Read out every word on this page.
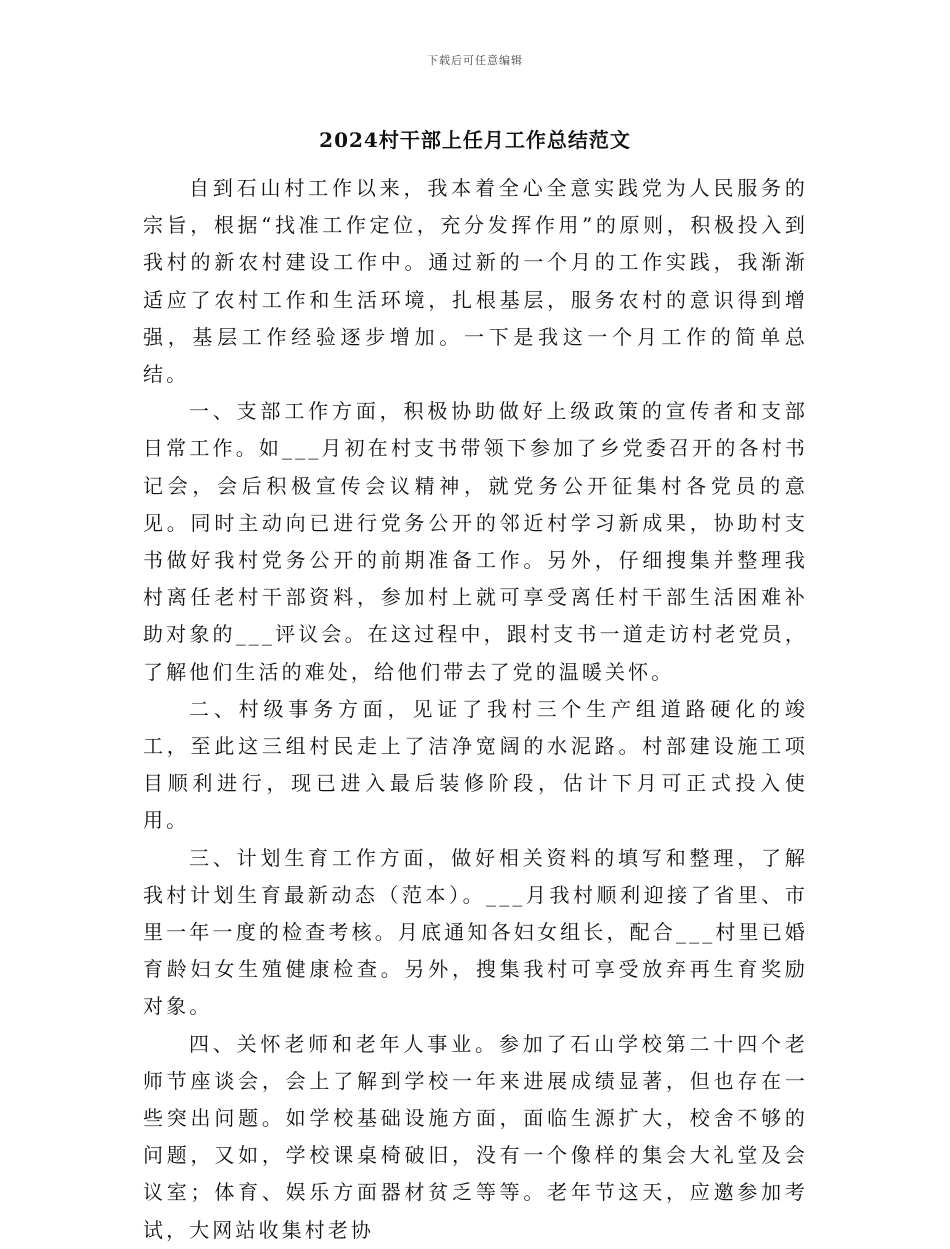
下载后可任意编辑
2024村干部上任月工作总结范文

自到石山村工作以来，我本着全心全意实践党为人民服务的宗旨，根据“找准工作定位，充分发挥作用”的原则，积极投入到我村的新农村建设工作中。通过新的一个月的工作实践，我渐渐适应了农村工作和生活环境，扎根基层，服务农村的意识得到增强，基层工作经验逐步增加。一下是我这一个月工作的简单总结。

一、支部工作方面，积极协助做好上级政策的宣传者和支部日常工作。如___月初在村支书带领下参加了乡党委召开的各村书记会，会后积极宣传会议精神，就党务公开征集村各党员的意见。同时主动向已进行党务公开的邻近村学习新成果，协助村支书做好我村党务公开的前期准备工作。另外，仔细搜集并整理我村离任老村干部资料，参加村上就可享受离任村干部生活困难补助对象的___评议会。在这过程中，跟村支书一道走访村老党员，了解他们生活的难处，给他们带去了党的温暖关怀。

二、村级事务方面，见证了我村三个生产组道路硬化的竣工，至此这三组村民走上了洁净宽阔的水泥路。村部建设施工项目顺利进行，现已进入最后装修阶段，估计下月可正式投入使用。

三、计划生育工作方面，做好相关资料的填写和整理，了解我村计划生育最新动态（范本）。___月我村顺利迎接了省里、市里一年一度的检查考核。月底通知各妇女组长，配合___村里已婚育龄妇女生殖健康检查。另外，搜集我村可享受放弃再生育奖励对象。

四、关怀老师和老年人事业。参加了石山学校第二十四个老师节座谈会，会上了解到学校一年来进展成绩显著，但也存在一些突出问题。如学校基础设施方面，面临生源扩大，校舍不够的问题，又如，学校课桌椅破旧，没有一个像样的集会大礼堂及会议室；体育、娱乐方面器材贫乏等等。老年节这天，应邀参加考试，大网站收集村老协
